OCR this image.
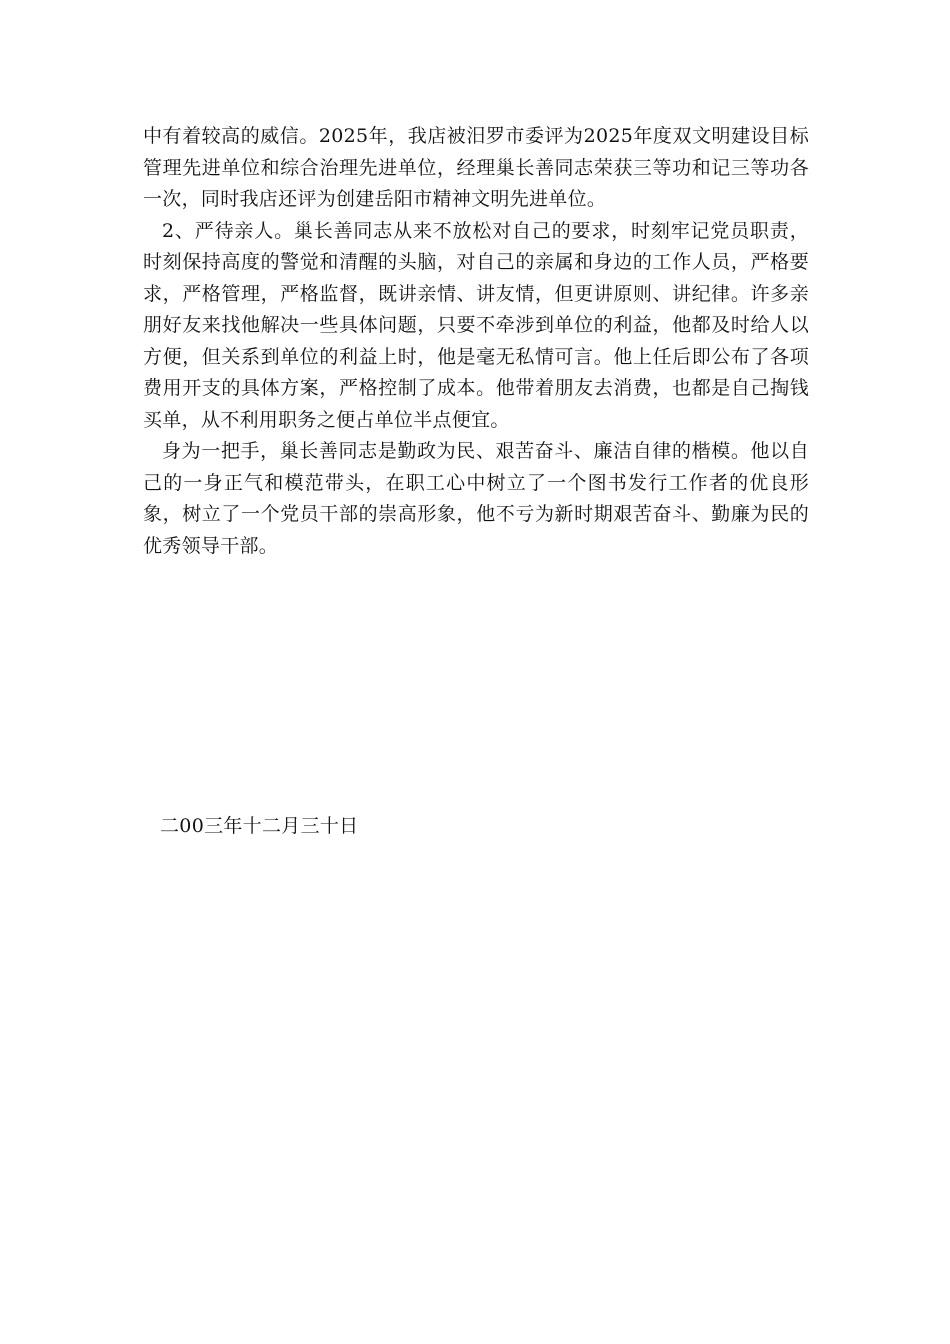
中有着较高的威信。2025年，我店被汨罗市委评为2025年度双文明建设目标管理先进单位和综合治理先进单位，经理巢长善同志荣获三等功和记三等功各一次，同时我店还评为创建岳阳市精神文明先进单位。

2、严待亲人。巢长善同志从来不放松对自己的要求，时刻牢记党员职责，时刻保持高度的警觉和清醒的头脑，对自己的亲属和身边的工作人员，严格要求，严格管理，严格监督，既讲亲情、讲友情，但更讲原则、讲纪律。许多亲朋好友来找他解决一些具体问题，只要不牵涉到单位的利益，他都及时给人以方便，但关系到单位的利益上时，他是毫无私情可言。他上任后即公布了各项费用开支的具体方案，严格控制了成本。他带着朋友去消费，也都是自己掏钱买单，从不利用职务之便占单位半点便宜。

身为一把手，巢长善同志是勤政为民、艰苦奋斗、廉洁自律的楷模。他以自己的一身正气和模范带头，在职工心中树立了一个图书发行工作者的优良形象，树立了一个党员干部的崇高形象，他不亏为新时期艰苦奋斗、勤廉为民的优秀领导干部。

二00三年十二月三十日
